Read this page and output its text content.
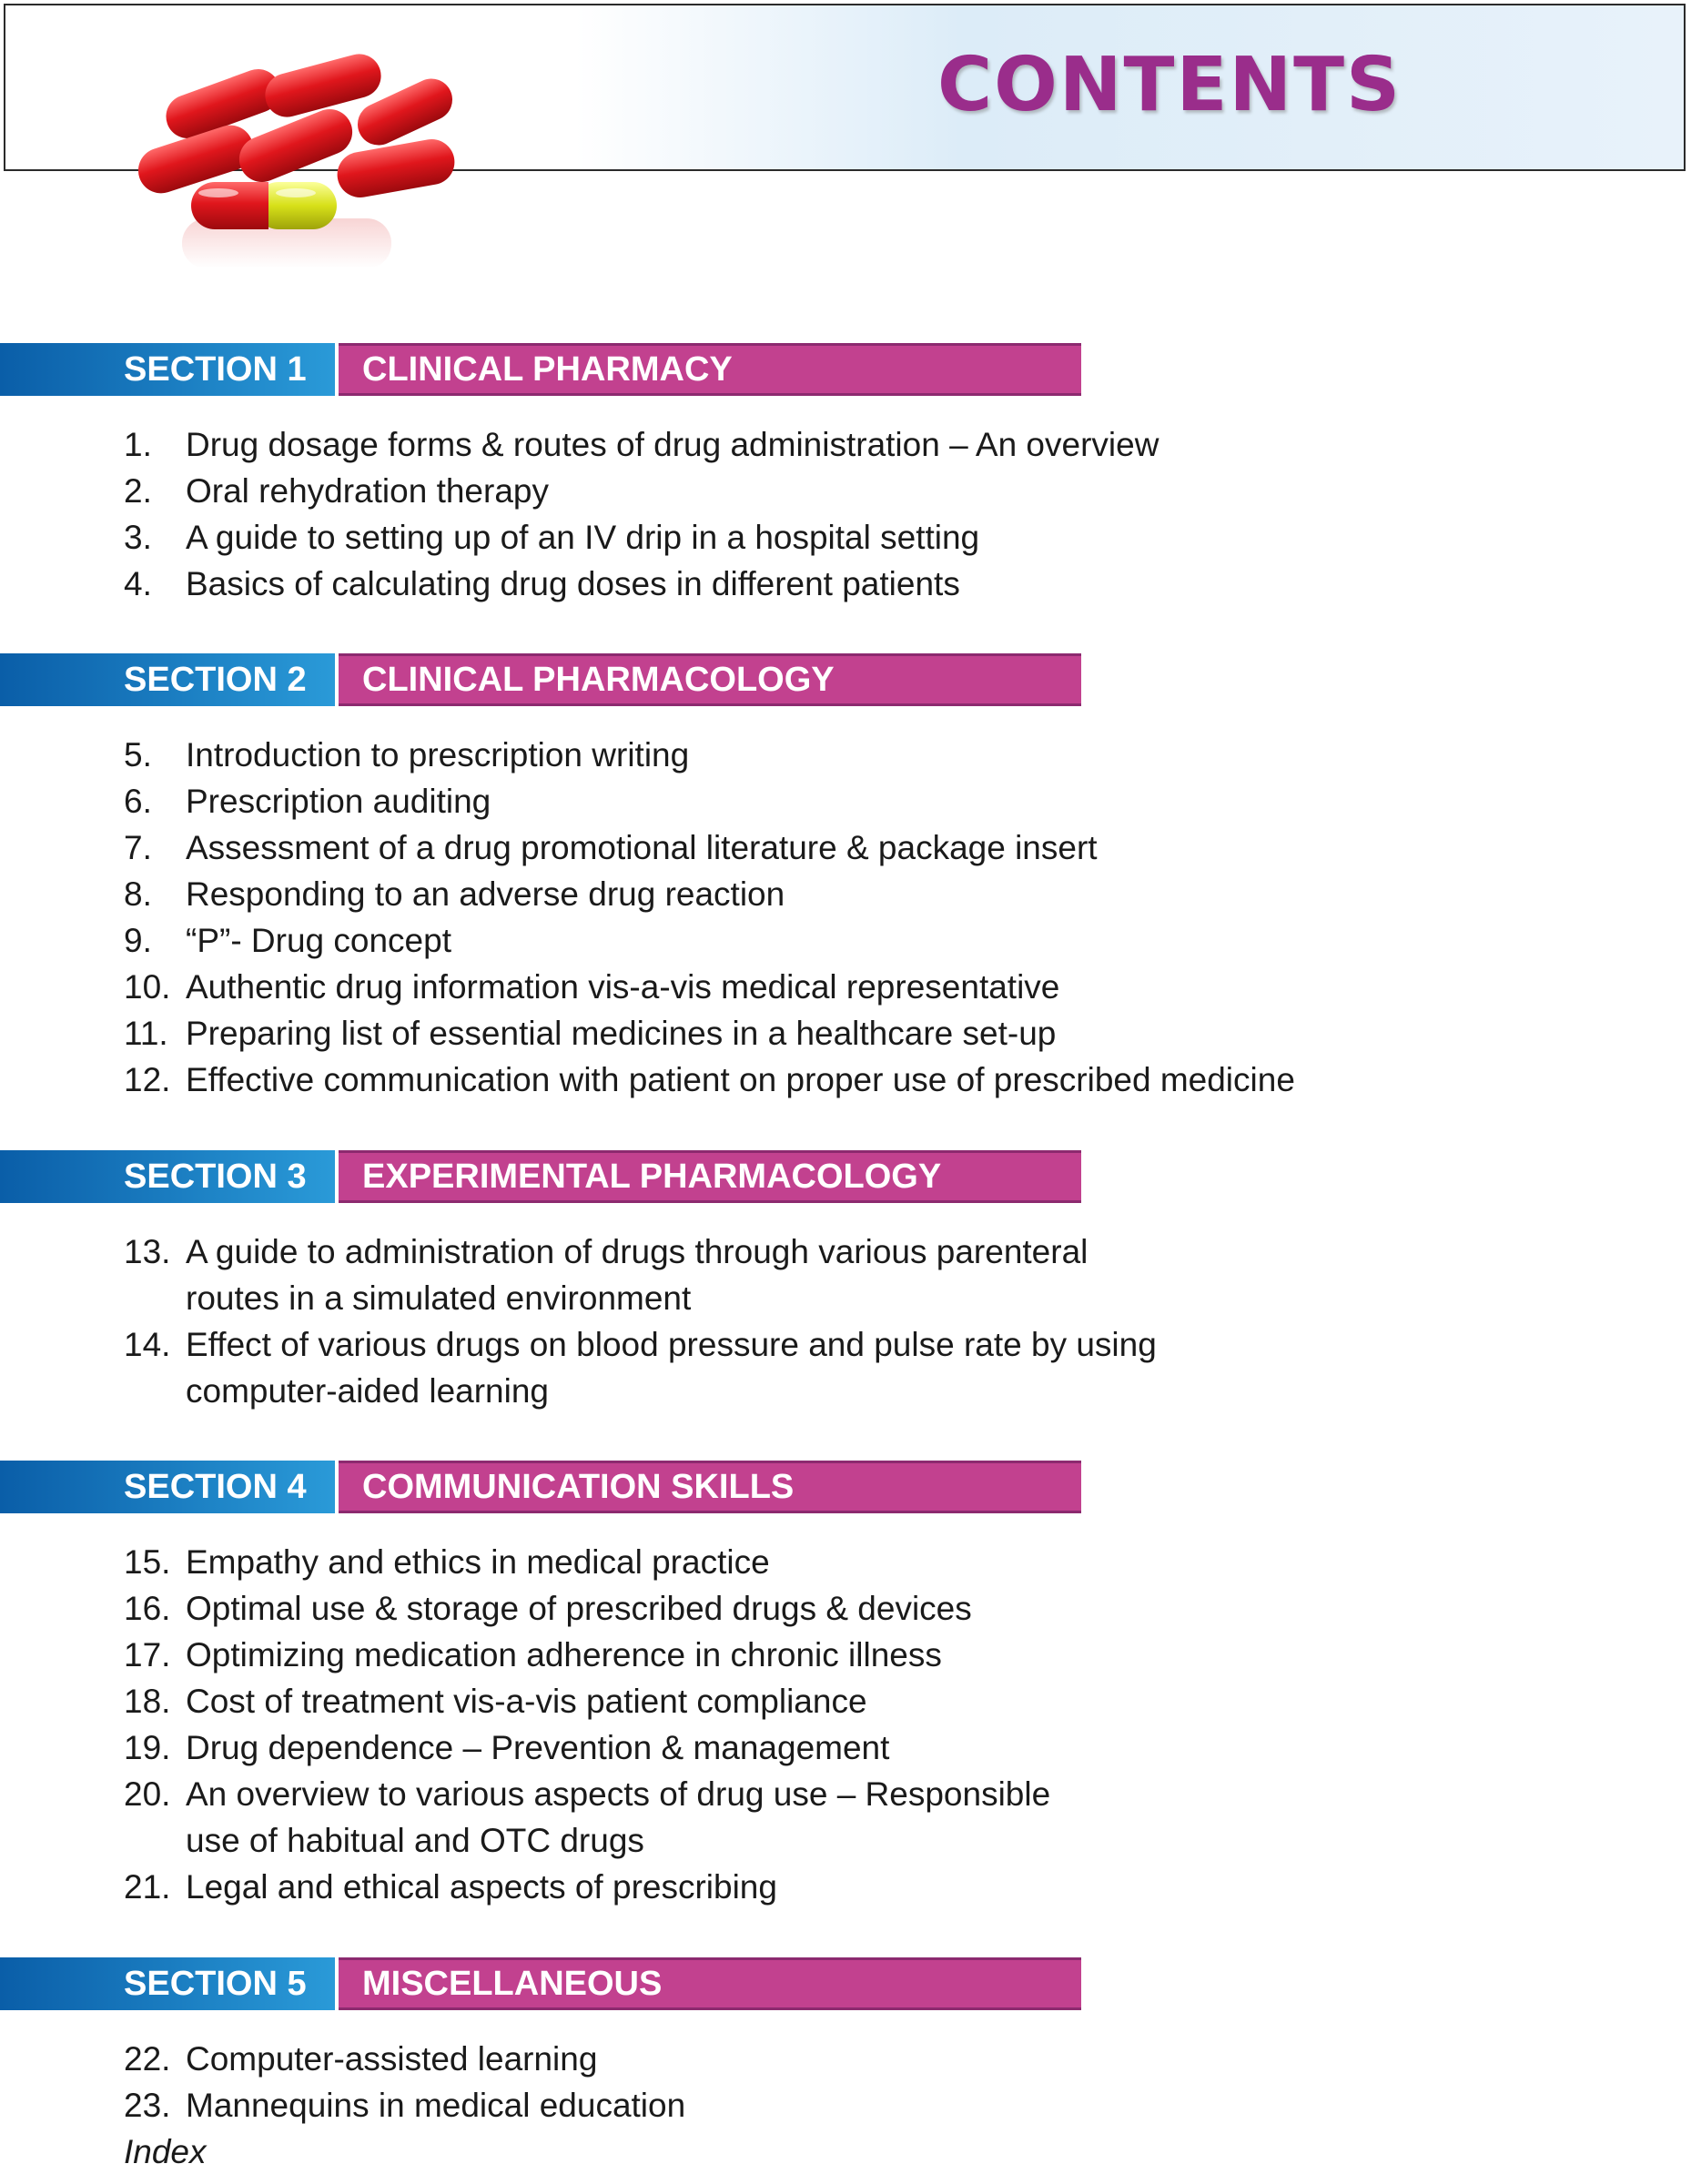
CONTENTS
SECTION 1 CLINICAL PHARMACY
1. Drug dosage forms & routes of drug administration – An overview
2. Oral rehydration therapy
3. A guide to setting up of an IV drip in a hospital setting
4. Basics of calculating drug doses in different patients
SECTION 2 CLINICAL PHARMACOLOGY
5. Introduction to prescription writing
6. Prescription auditing
7. Assessment of a drug promotional literature & package insert
8. Responding to an adverse drug reaction
9. “P”- Drug concept
10. Authentic drug information vis-a-vis medical representative
11. Preparing list of essential medicines in a healthcare set-up
12. Effective communication with patient on proper use of prescribed medicine
SECTION 3 EXPERIMENTAL PHARMACOLOGY
13. A guide to administration of drugs through various parenteral
routes in a simulated environment
14. Effect of various drugs on blood pressure and pulse rate by using
computer-aided learning
SECTION 4 COMMUNICATION SKILLS
15. Empathy and ethics in medical practice
16. Optimal use & storage of prescribed drugs & devices
17. Optimizing medication adherence in chronic illness
18. Cost of treatment vis-a-vis patient compliance
19. Drug dependence – Prevention & management
20. An overview to various aspects of drug use – Responsible
use of habitual and OTC drugs
21. Legal and ethical aspects of prescribing
SECTION 5 MISCELLANEOUS
22. Computer-assisted learning
23. Mannequins in medical education
Index
